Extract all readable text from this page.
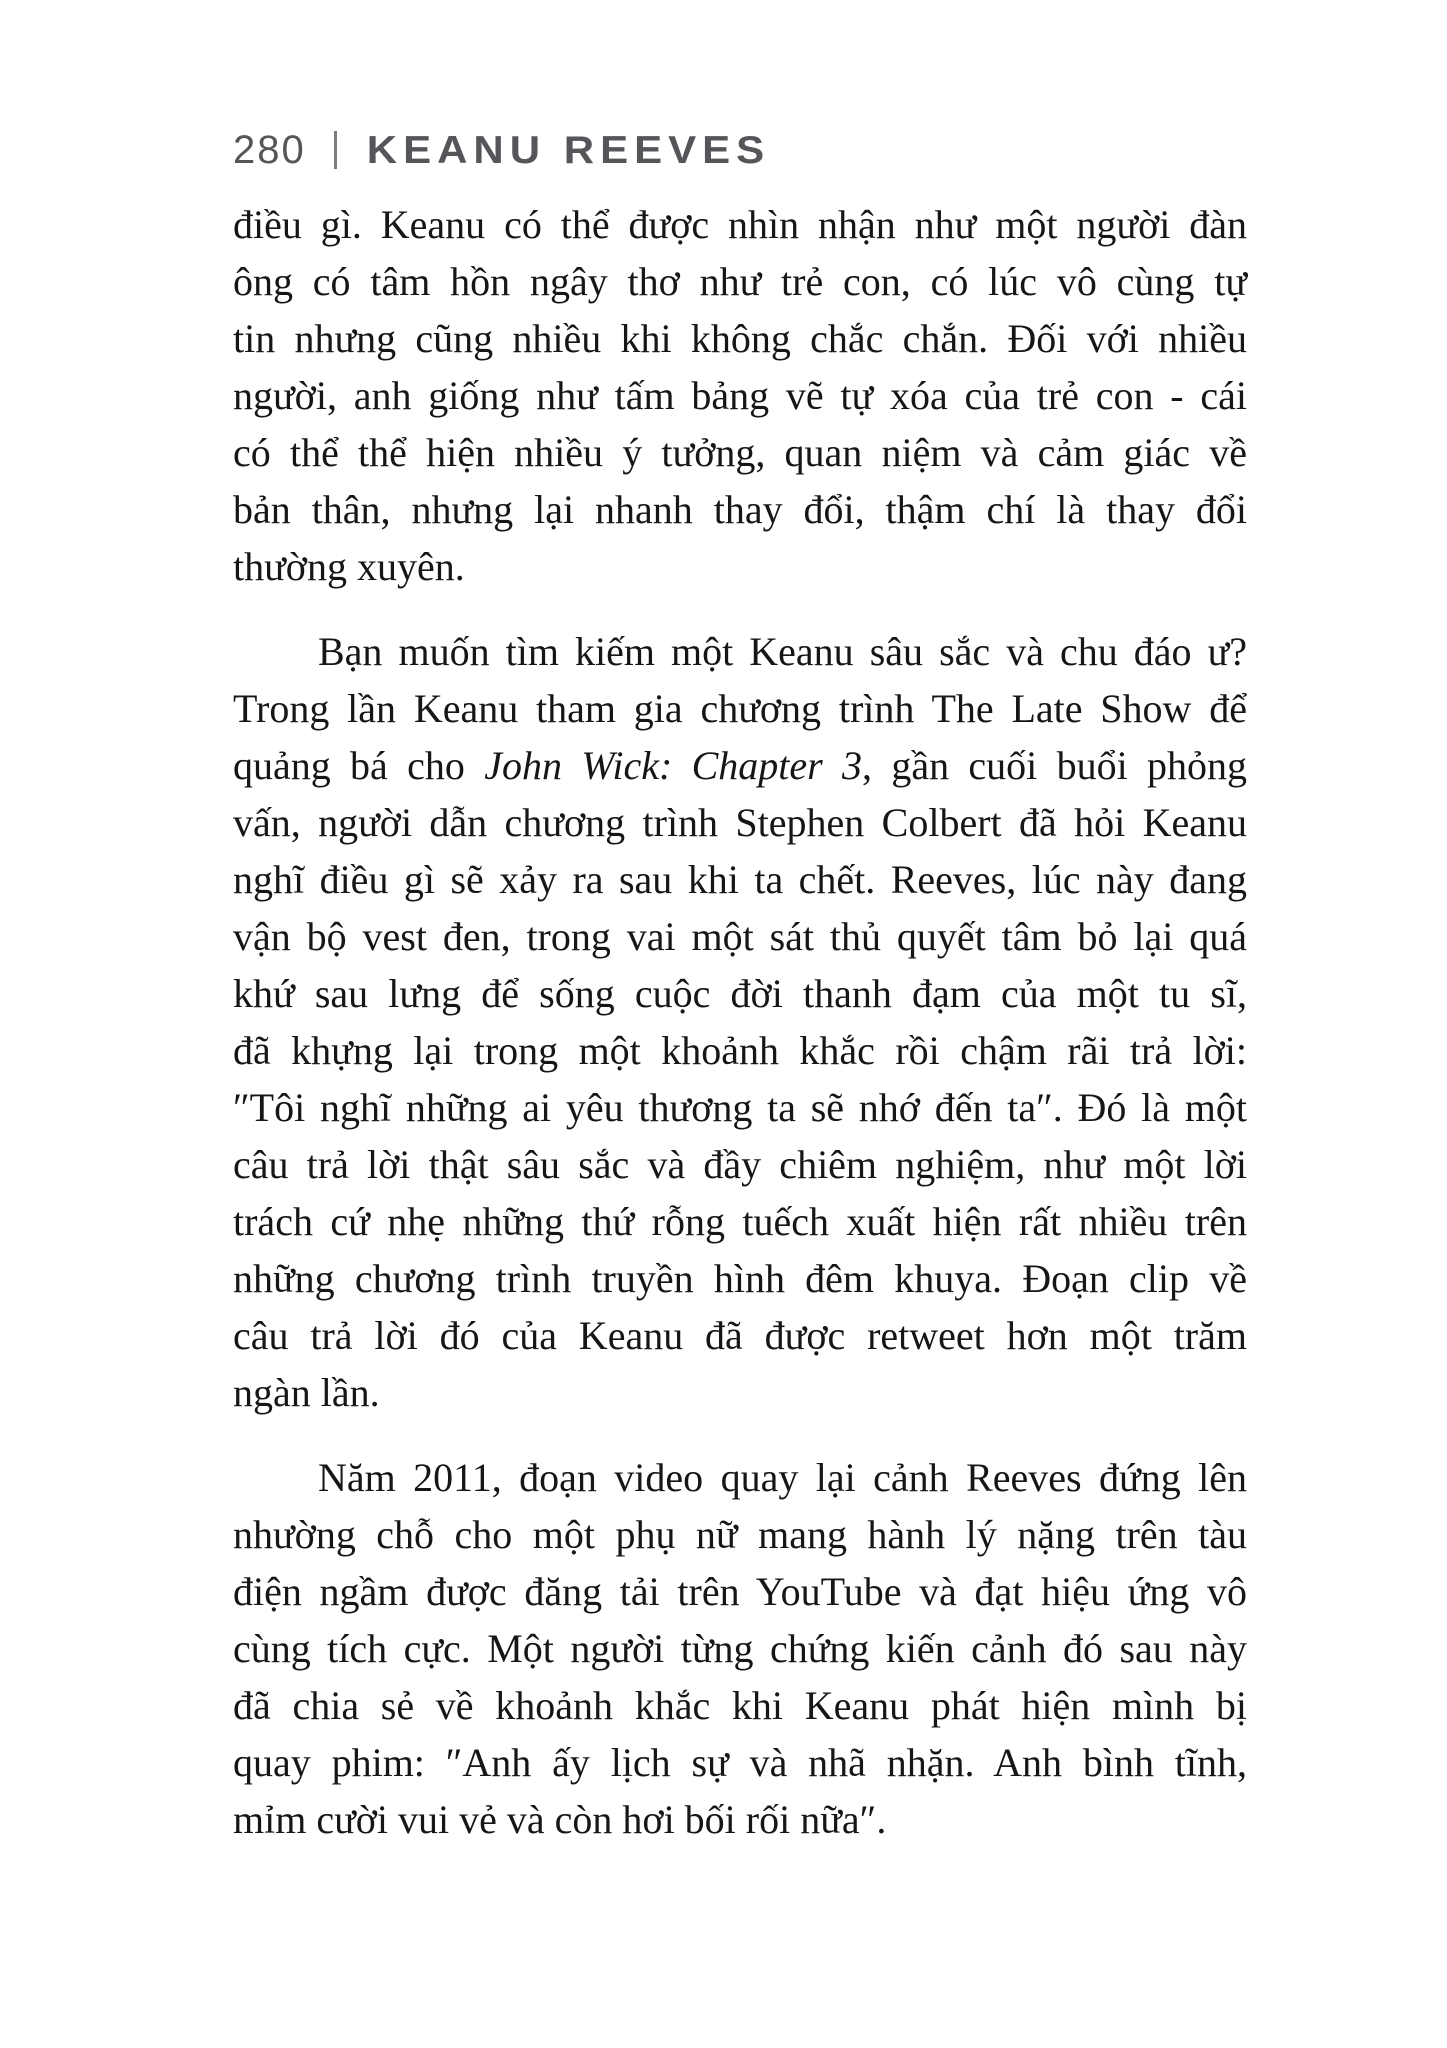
280 KEANU REEVES
điều gì. Keanu có thể được nhìn nhận như một người đàn
ông có tâm hồn ngây thơ như trẻ con, có lúc vô cùng tự
tin nhưng cũng nhiều khi không chắc chắn. Đối với nhiều
người, anh giống như tấm bảng vẽ tự xóa của trẻ con - cái
có thể thể hiện nhiều ý tưởng, quan niệm và cảm giác về
bản thân, nhưng lại nhanh thay đổi, thậm chí là thay đổi
thường xuyên.
Bạn muốn tìm kiếm một Keanu sâu sắc và chu đáo ư?
Trong lần Keanu tham gia chương trình The Late Show để
quảng bá cho John Wick: Chapter 3, gần cuối buổi phỏng
vấn, người dẫn chương trình Stephen Colbert đã hỏi Keanu
nghĩ điều gì sẽ xảy ra sau khi ta chết. Reeves, lúc này đang
vận bộ vest đen, trong vai một sát thủ quyết tâm bỏ lại quá
khứ sau lưng để sống cuộc đời thanh đạm của một tu sĩ,
đã khựng lại trong một khoảnh khắc rồi chậm rãi trả lời:
″Tôi nghĩ những ai yêu thương ta sẽ nhớ đến ta″. Đó là một
câu trả lời thật sâu sắc và đầy chiêm nghiệm, như một lời
trách cứ nhẹ những thứ rỗng tuếch xuất hiện rất nhiều trên
những chương trình truyền hình đêm khuya. Đoạn clip về
câu trả lời đó của Keanu đã được retweet hơn một trăm
ngàn lần.
Năm 2011, đoạn video quay lại cảnh Reeves đứng lên
nhường chỗ cho một phụ nữ mang hành lý nặng trên tàu
điện ngầm được đăng tải trên YouTube và đạt hiệu ứng vô
cùng tích cực. Một người từng chứng kiến cảnh đó sau này
đã chia sẻ về khoảnh khắc khi Keanu phát hiện mình bị
quay phim: ″Anh ấy lịch sự và nhã nhặn. Anh bình tĩnh,
mỉm cười vui vẻ và còn hơi bối rối nữa″.
